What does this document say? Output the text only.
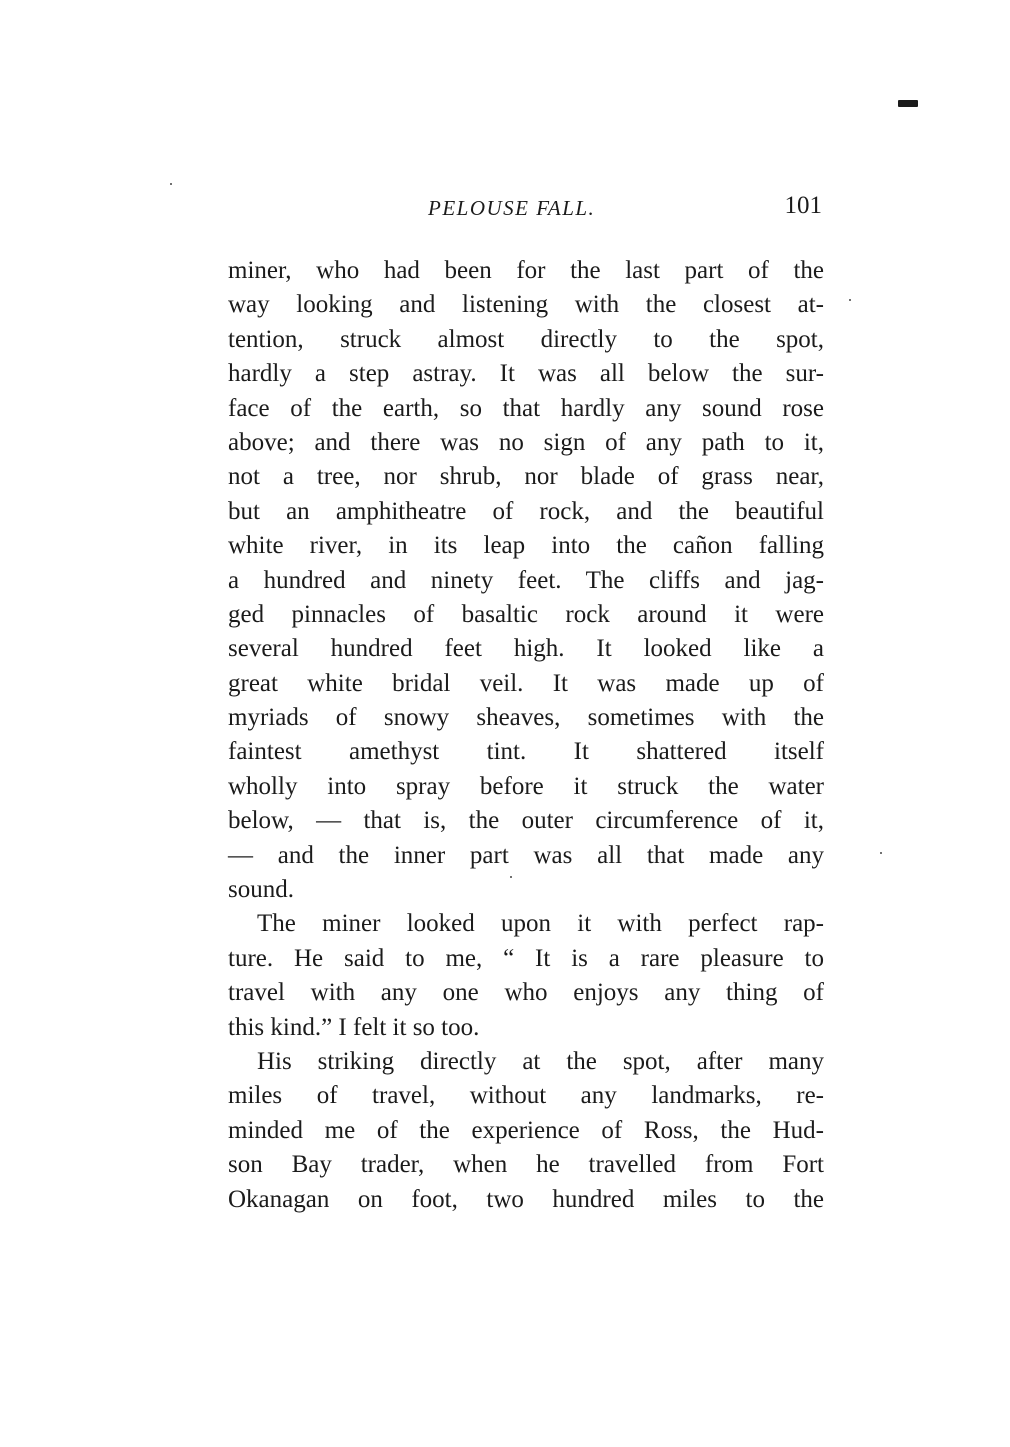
PELOUSE FALL.	101
miner, who had been for the last part of the
way looking and listening with the closest at-
tention, struck almost directly to the spot,
hardly a step astray. It was all below the sur-
face of the earth, so that hardly any sound rose
above; and there was no sign of any path to it,
not a tree, nor shrub, nor blade of grass near,
but an amphitheatre of rock, and the beautiful
white river, in its leap into the cañon falling
a hundred and ninety feet. The cliffs and jag-
ged pinnacles of basaltic rock around it were
several hundred feet high. It looked like a
great white bridal veil. It was made up of
myriads of snowy sheaves, sometimes with the
faintest amethyst tint. It shattered itself
wholly into spray before it struck the water
below, — that is, the outer circumference of it,
— and the inner part was all that made any
sound.
The miner looked upon it with perfect rap-
ture. He said to me, “ It is a rare pleasure to
travel with any one who enjoys any thing of
this kind.” I felt it so too.
His striking directly at the spot, after many
miles of travel, without any landmarks, re-
minded me of the experience of Ross, the Hud-
son Bay trader, when he travelled from Fort
Okanagan on foot, two hundred miles to the
